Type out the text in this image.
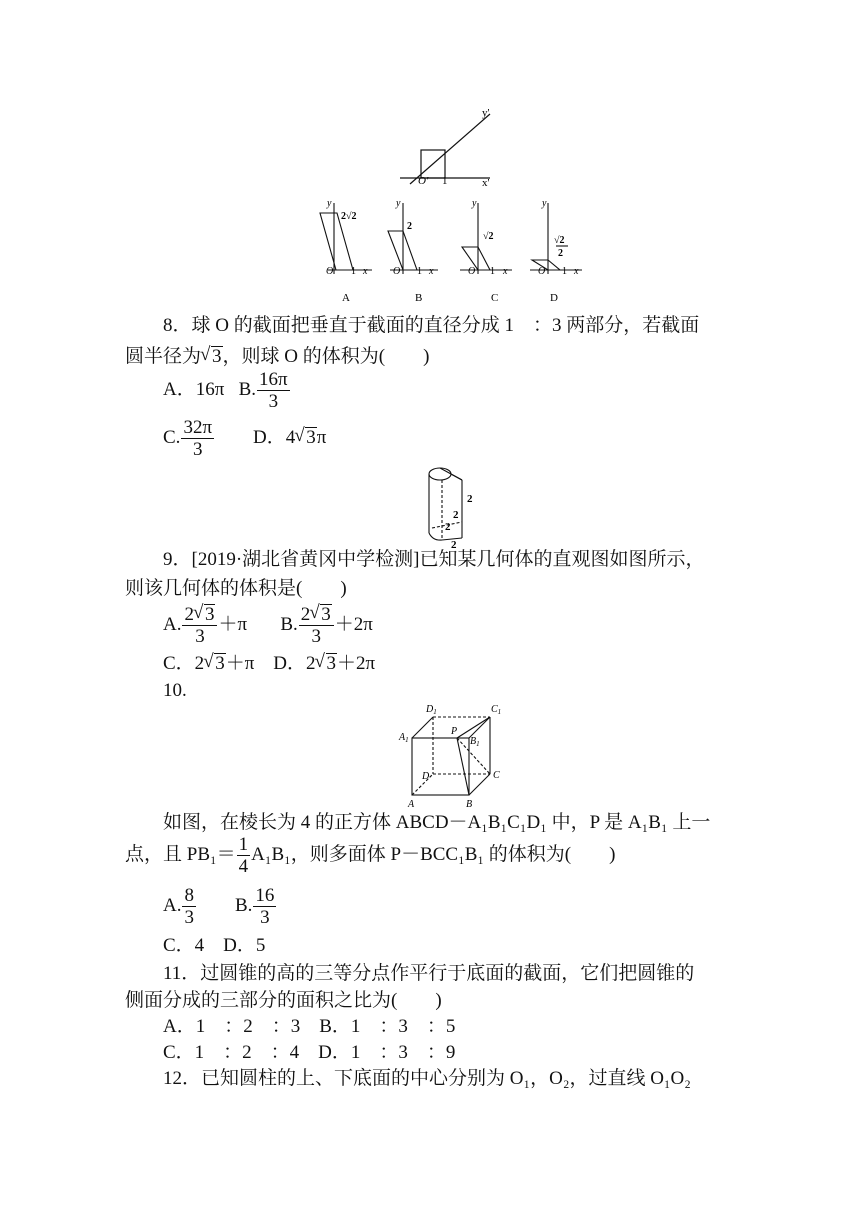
y'
x'
O' 1
y
2√2
O 1 x
A
y
2
O 1 x
B
y
√2
O 1 x
C
y
√2
2
O 1 x
D
8．球 O 的截面把垂直于截面的直径分成 1　：3 两部分，若截面
圆半径为 √ 3，则球 O 的体积为(　　)
A．16π B. $\frac{16\pi}{3}$
C. $\frac{32\pi}{3}$ D．4 √ 3π
2
2
2
2
9．[2019·湖北省黄冈中学检测]已知某几何体的直观图如图所示，
则该几何体的体积是(　　)
A. $\frac{2 √ 3}{3} +\pi$ B. $\frac{2 √ 3}{3} +2\pi$
C．2 √ 3＋π D．2 √ 3＋2π
10.
$D_1$	$C_1$
$A_1$
P
$B_1$
D	C
A	B
如图，在棱长为 4 的正方体 ABCD－A₁B₁C₁D₁ 中，P 是 A₁B₁ 上一
点，且 $PB_1= \frac{1}{4} A_1B_1$，则多面体 P－BCC₁B₁ 的体积为(　　)
A. $\frac{8}{3} B$. $\frac{16}{3}$
C．4　D．5
11．过圆锥的高的三等分点作平行于底面的截面，它们把圆锥的
侧面分成的三部分的面积之比为(　　)
A．1　：2　：3　B．1　：3　：5
C．1　：2　：4　D．1　：3　：9
12．已知圆柱的上、下底面的中心分别为 O₁，O₂，过直线 O₁O₂
